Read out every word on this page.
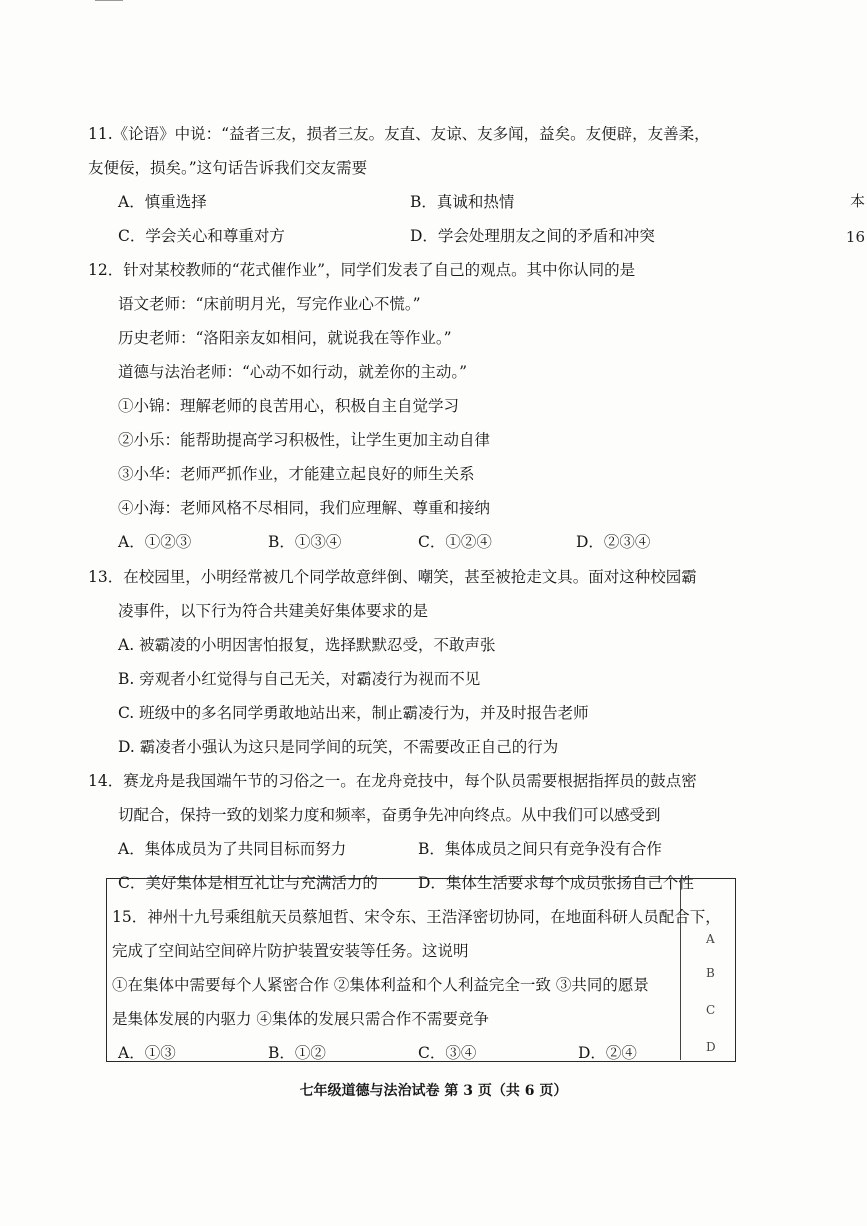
11.《论语》中说：“益者三友，损者三友。友直、友谅、友多闻，益矣。友便辟，友善柔，
友便佞，损矣。”这句话告诉我们交友需要
A．慎重选择	B．真诚和热情
C．学会关心和尊重对方	D．学会处理朋友之间的矛盾和冲突
本
16
12．针对某校教师的“花式催作业”，同学们发表了自己的观点。其中你认同的是
语文老师：“床前明月光，写完作业心不慌。”
历史老师：“洛阳亲友如相问，就说我在等作业。”
道德与法治老师：“心动不如行动，就差你的主动。”
①小锦：理解老师的良苦用心，积极自主自觉学习
②小乐：能帮助提高学习积极性，让学生更加主动自律
③小华：老师严抓作业，才能建立起良好的师生关系
④小海：老师风格不尽相同，我们应理解、尊重和接纳
A．①②③	B．①③④	C．①②④	D．②③④
13．在校园里，小明经常被几个同学故意绊倒、嘲笑，甚至被抢走文具。面对这种校园霸
凌事件，以下行为符合共建美好集体要求的是
A. 被霸凌的小明因害怕报复，选择默默忍受，不敢声张
B. 旁观者小红觉得与自己无关，对霸凌行为视而不见
C. 班级中的多名同学勇敢地站出来，制止霸凌行为，并及时报告老师
D. 霸凌者小强认为这只是同学间的玩笑，不需要改正自己的行为
14．赛龙舟是我国端午节的习俗之一。在龙舟竞技中，每个队员需要根据指挥员的鼓点密
切配合，保持一致的划桨力度和频率，奋勇争先冲向终点。从中我们可以感受到
A．集体成员为了共同目标而努力	B．集体成员之间只有竞争没有合作
C．美好集体是相互礼让与充满活力的	D．集体生活要求每个成员张扬自己个性
A
B
C
D
15．神州十九号乘组航天员蔡旭哲、宋令东、王浩泽密切协同，在地面科研人员配合下，
完成了空间站空间碎片防护装置安装等任务。这说明
①在集体中需要每个人紧密合作 ②集体利益和个人利益完全一致 ③共同的愿景
是集体发展的内驱力 ④集体的发展只需合作不需要竞争
A．①③	B．①②	C．③④	D．②④
七年级道德与法治试卷 第 3 页（共 6 页）
